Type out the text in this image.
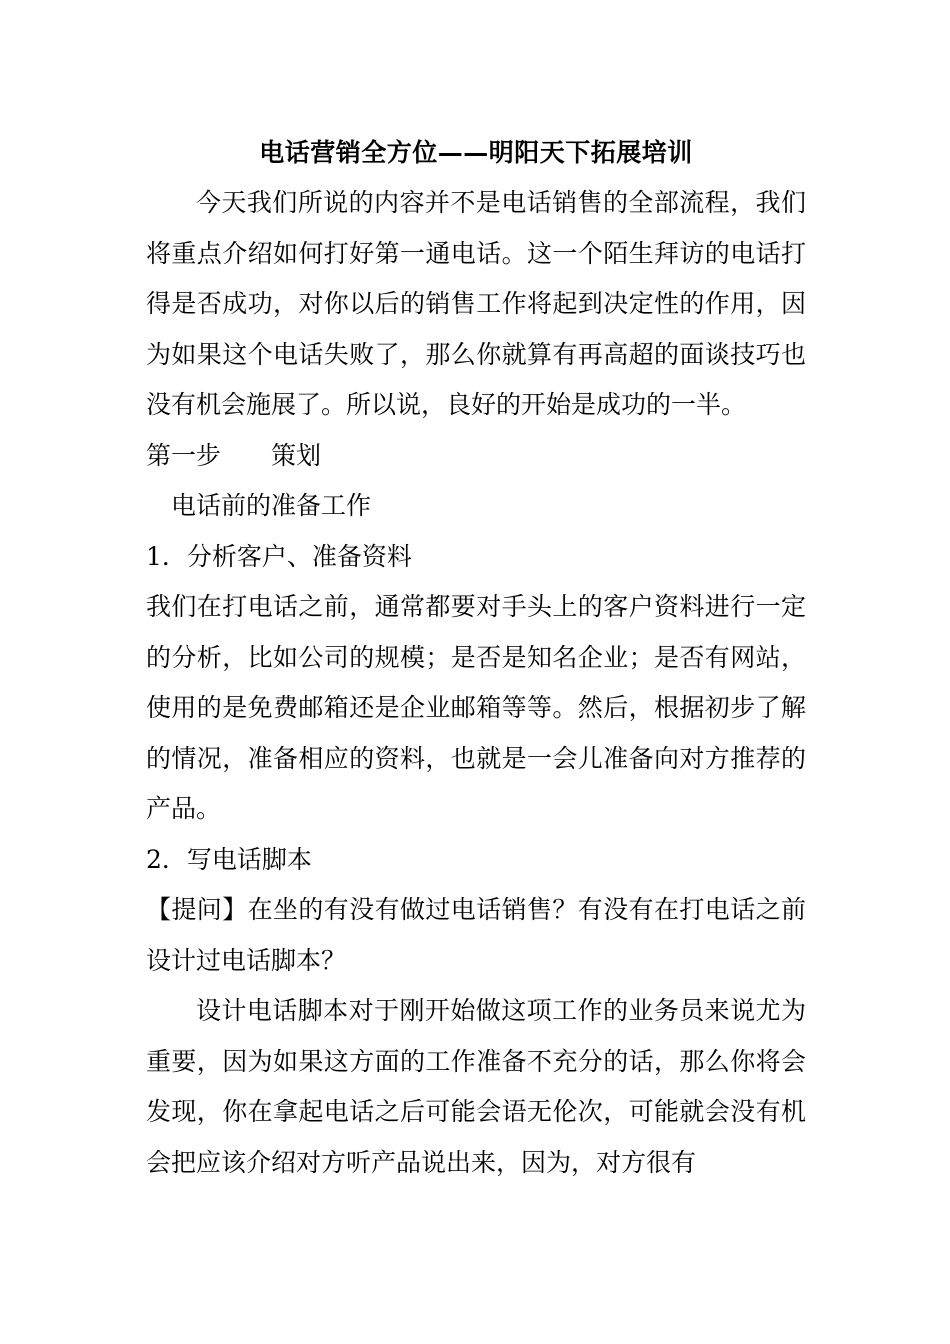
电话营销全方位——明阳天下拓展培训

今天我们所说的内容并不是电话销售的全部流程，我们将重点介绍如何打好第一通电话。这一个陌生拜访的电话打得是否成功，对你以后的销售工作将起到决定性的作用，因为如果这个电话失败了，那么你就算有再高超的面谈技巧也没有机会施展了。所以说，良好的开始是成功的一半。

第一步 策划

电话前的准备工作

1．分析客户、准备资料

我们在打电话之前，通常都要对手头上的客户资料进行一定的分析，比如公司的规模；是否是知名企业；是否有网站，使用的是免费邮箱还是企业邮箱等等。然后，根据初步了解的情况，准备相应的资料，也就是一会儿准备向对方推荐的产品。

2．写电话脚本

【提问】在坐的有没有做过电话销售？有没有在打电话之前设计过电话脚本？

设计电话脚本对于刚开始做这项工作的业务员来说尤为重要，因为如果这方面的工作准备不充分的话，那么你将会发现，你在拿起电话之后可能会语无伦次，可能就会没有机会把应该介绍对方听产品说出来，因为，对方很有
